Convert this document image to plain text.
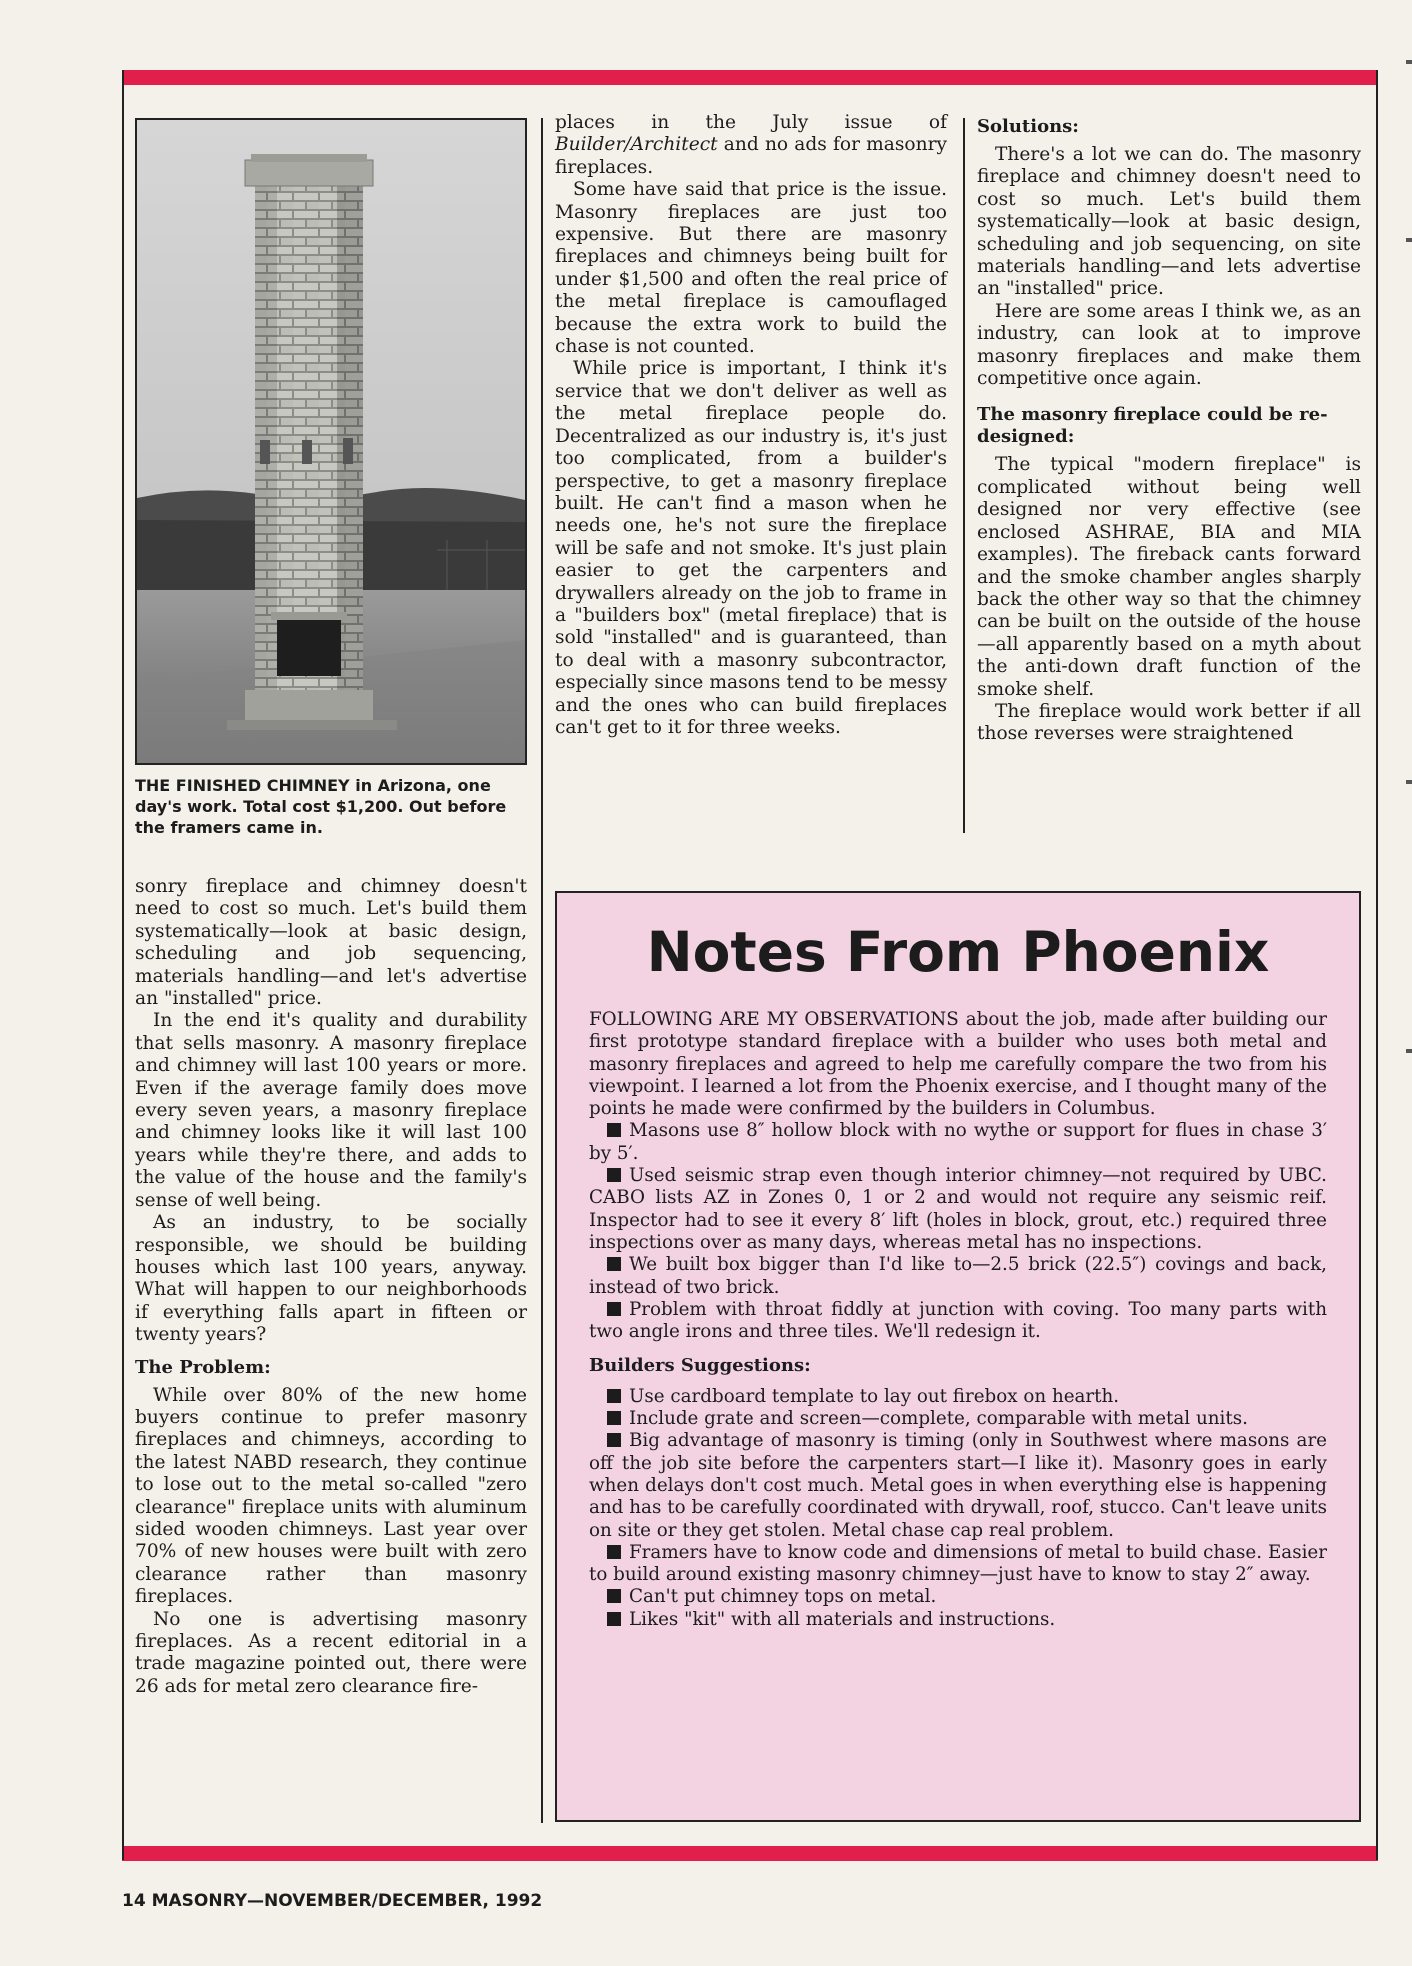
THE FINISHED CHIMNEY in Arizona, one day's work. Total cost $1,200. Out before the framers came in.

sonry fireplace and chimney doesn't need to cost so much. Let's build them systematically—look at basic design, scheduling and job sequencing, materials handling—and let's advertise an "installed" price.

In the end it's quality and durability that sells masonry. A masonry fireplace and chimney will last 100 years or more. Even if the average family does move every seven years, a masonry fireplace and chimney looks like it will last 100 years while they're there, and adds to the value of the house and the family's sense of well being.

As an industry, to be socially responsible, we should be building houses which last 100 years, anyway. What will happen to our neighborhoods if everything falls apart in fifteen or twenty years?

The Problem:

While over 80% of the new home buyers continue to prefer masonry fireplaces and chimneys, according to the latest NABD research, they continue to lose out to the metal so-called "zero clearance" fireplace units with aluminum sided wooden chimneys. Last year over 70% of new houses were built with zero clearance rather than masonry fireplaces.

No one is advertising masonry fireplaces. As a recent editorial in a trade magazine pointed out, there were 26 ads for metal zero clearance fire-

places in the July issue of Builder/Architect and no ads for masonry fireplaces.

Some have said that price is the issue. Masonry fireplaces are just too expensive. But there are masonry fireplaces and chimneys being built for under $1,500 and often the real price of the metal fireplace is camouflaged because the extra work to build the chase is not counted.

While price is important, I think it's service that we don't deliver as well as the metal fireplace people do. Decentralized as our industry is, it's just too complicated, from a builder's perspective, to get a masonry fireplace built. He can't find a mason when he needs one, he's not sure the fireplace will be safe and not smoke. It's just plain easier to get the carpenters and drywallers already on the job to frame in a "builders box" (metal fireplace) that is sold "installed" and is guaranteed, than to deal with a masonry subcontractor, especially since masons tend to be messy and the ones who can build fireplaces can't get to it for three weeks.

Solutions:

There's a lot we can do. The masonry fireplace and chimney doesn't need to cost so much. Let's build them systematically—look at basic design, scheduling and job sequencing, on site materials handling—and lets advertise an "installed" price.

Here are some areas I think we, as an industry, can look at to improve masonry fireplaces and make them competitive once again.

The masonry fireplace could be re-designed:

The typical "modern fireplace" is complicated without being well designed nor very effective (see enclosed ASHRAE, BIA and MIA examples). The fireback cants forward and the smoke chamber angles sharply back the other way so that the chimney can be built on the outside of the house—all apparently based on a myth about the anti-down draft function of the smoke shelf.

The fireplace would work better if all those reverses were straightened

Notes From Phoenix

FOLLOWING ARE MY OBSERVATIONS about the job, made after building our first prototype standard fireplace with a builder who uses both metal and masonry fireplaces and agreed to help me carefully compare the two from his viewpoint. I learned a lot from the Phoenix exercise, and I thought many of the points he made were confirmed by the builders in Columbus.

Masons use 8″ hollow block with no wythe or support for flues in chase 3′ by 5′.

Used seismic strap even though interior chimney—not required by UBC. CABO lists AZ in Zones 0, 1 or 2 and would not require any seismic reif. Inspector had to see it every 8′ lift (holes in block, grout, etc.) required three inspections over as many days, whereas metal has no inspections.

We built box bigger than I'd like to—2.5 brick (22.5″) covings and back, instead of two brick.

Problem with throat fiddly at junction with coving. Too many parts with two angle irons and three tiles. We'll redesign it.

Builders Suggestions:

Use cardboard template to lay out firebox on hearth.

Include grate and screen—complete, comparable with metal units.

Big advantage of masonry is timing (only in Southwest where masons are off the job site before the carpenters start—I like it). Masonry goes in early when delays don't cost much. Metal goes in when everything else is happening and has to be carefully coordinated with drywall, roof, stucco. Can't leave units on site or they get stolen. Metal chase cap real problem.

Framers have to know code and dimensions of metal to build chase. Easier to build around existing masonry chimney—just have to know to stay 2″ away.

Can't put chimney tops on metal.

Likes "kit" with all materials and instructions.

14 MASONRY—NOVEMBER/DECEMBER, 1992
